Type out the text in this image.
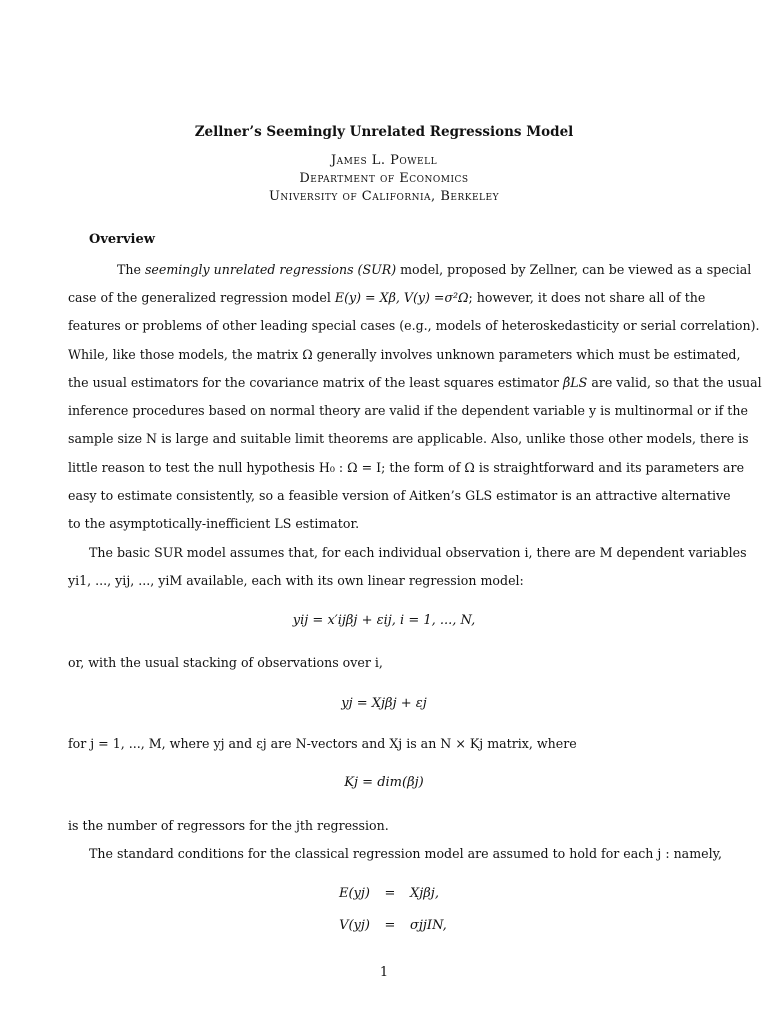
Zellner’s Seemingly Unrelated Regressions Model
James L. Powell
Department of Economics
University of California, Berkeley
Overview
The seemingly unrelated regressions (SUR) model, proposed by Zellner, can be viewed as a special
case of the generalized regression model E(y) = Xβ, V(y) =σ²Ω; however, it does not share all of the
features or problems of other leading special cases (e.g., models of heteroskedasticity or serial correlation).
While, like those models, the matrix Ω generally involves unknown parameters which must be estimated,
the usual estimators for the covariance matrix of the least squares estimator β̂LS are valid, so that the usual
inference procedures based on normal theory are valid if the dependent variable y is multinormal or if the
sample size N is large and suitable limit theorems are applicable. Also, unlike those other models, there is
little reason to test the null hypothesis H₀ : Ω = I; the form of Ω is straightforward and its parameters are
easy to estimate consistently, so a feasible version of Aitken’s GLS estimator is an attractive alternative
to the asymptotically-inefficient LS estimator.
The basic SUR model assumes that, for each individual observation i, there are M dependent variables
yi1, ..., yij, ..., yiM available, each with its own linear regression model:
yij = x′ijβj + εij, i = 1, ..., N,
or, with the usual stacking of observations over i,
yj = Xjβj + εj
for j = 1, ..., M, where yj and εj are N-vectors and Xj is an N × Kj matrix, where
Kj = dim(βj)
is the number of regressors for the jth regression.
The standard conditions for the classical regression model are assumed to hold for each j : namely,
E(yj) = Xjβj,
V(yj) = σjjIN,
1
